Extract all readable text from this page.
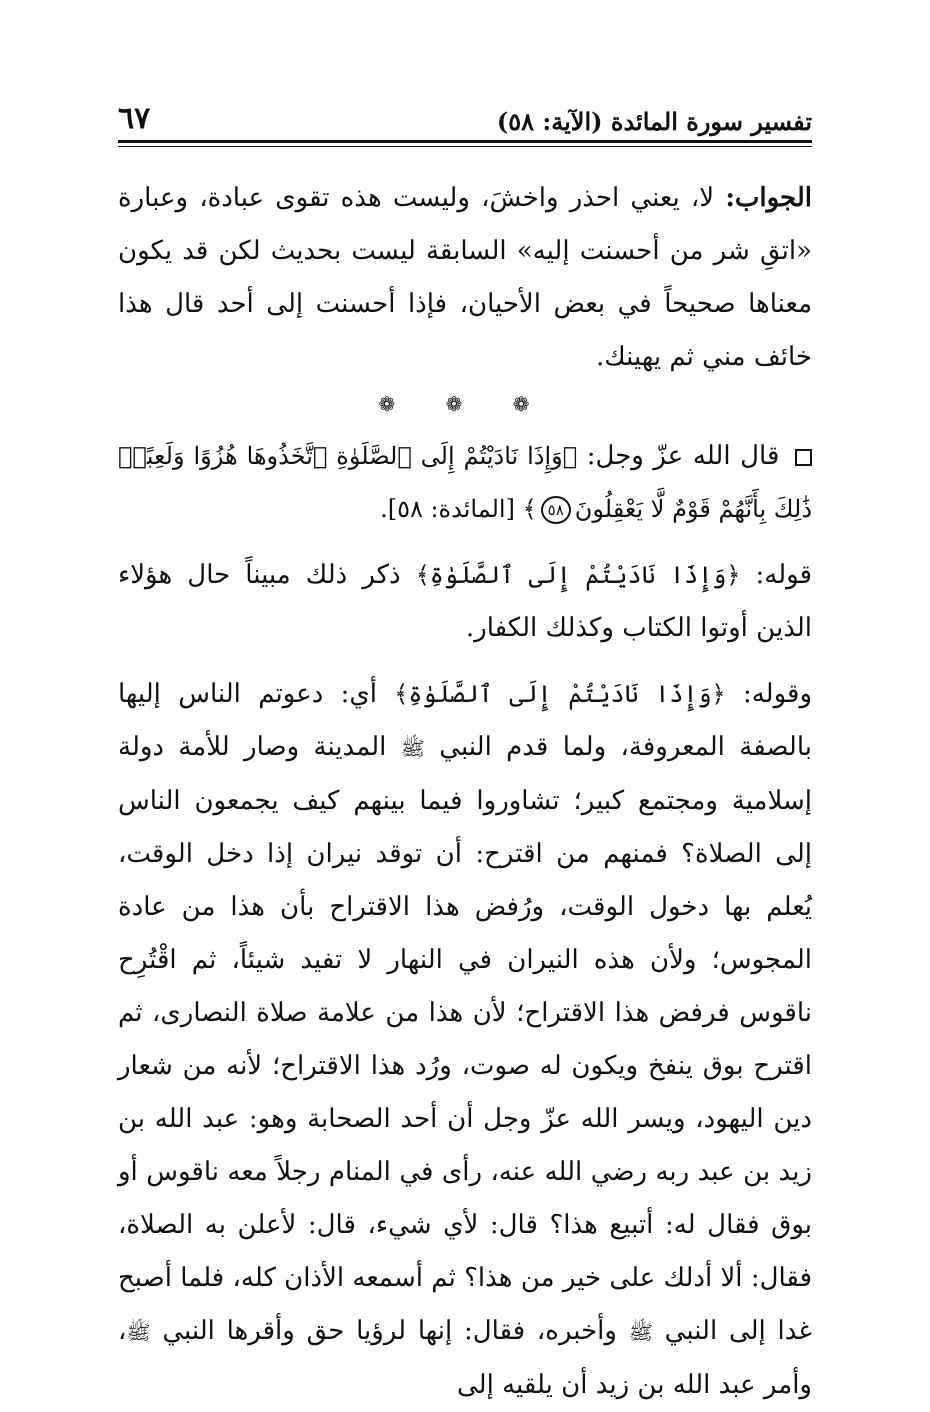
تفسير سورة المائدة (الآية: ٥٨)
٦٧

الجواب: لا، يعني احذر واخشَ، وليست هذه تقوى عبادة، وعبارة «اتقِ شر من أحسنت إليه» السابقة ليست بحديث لكن قد يكون معناها صحيحاً في بعض الأحيان، فإذا أحسنت إلى أحد قال هذا خائف مني ثم يهينك.

❁ ❁ ❁

قال الله عزّ وجل: ﴿وَإِذَا نَادَيْتُمْ إِلَى ٱلصَّلَوٰةِ ٱتَّخَذُوهَا هُزُوًا وَلَعِبًاۚ ذَٰلِكَ بِأَنَّهُمْ قَوْمٌ لَّا يَعْقِلُونَ٥٨﴾ [المائدة: ٥٨].

قوله: ﴿وَإِذَا نَادَيْتُمْ إِلَى ٱلصَّلَوٰةِ﴾ ذكر ذلك مبيناً حال هؤلاء الذين أوتوا الكتاب وكذلك الكفار.

وقوله: ﴿وَإِذَا نَادَيْتُمْ إِلَى ٱلصَّلَوٰةِ﴾ أي: دعوتم الناس إليها بالصفة المعروفة، ولما قدم النبي ﷺ المدينة وصار للأمة دولة إسلامية ومجتمع كبير؛ تشاوروا فيما بينهم كيف يجمعون الناس إلى الصلاة؟ فمنهم من اقترح: أن توقد نيران إذا دخل الوقت، يُعلم بها دخول الوقت، ورُفض هذا الاقتراح بأن هذا من عادة المجوس؛ ولأن هذه النيران في النهار لا تفيد شيئاً، ثم اقْتُرِح ناقوس فرفض هذا الاقتراح؛ لأن هذا من علامة صلاة النصارى، ثم اقترح بوق ينفخ ويكون له صوت، ورُد هذا الاقتراح؛ لأنه من شعار دين اليهود، ويسر الله عزّ وجل أن أحد الصحابة وهو: عبد الله بن زيد بن عبد ربه رضي الله عنه، رأى في المنام رجلاً معه ناقوس أو بوق فقال له: أتبيع هذا؟ قال: لأي شيء، قال: لأعلن به الصلاة، فقال: ألا أدلك على خير من هذا؟ ثم أسمعه الأذان كله، فلما أصبح غدا إلى النبي ﷺ وأخبره، فقال: إنها لرؤيا حق وأقرها النبي ﷺ، وأمر عبد الله بن زيد أن يلقيه إلى
